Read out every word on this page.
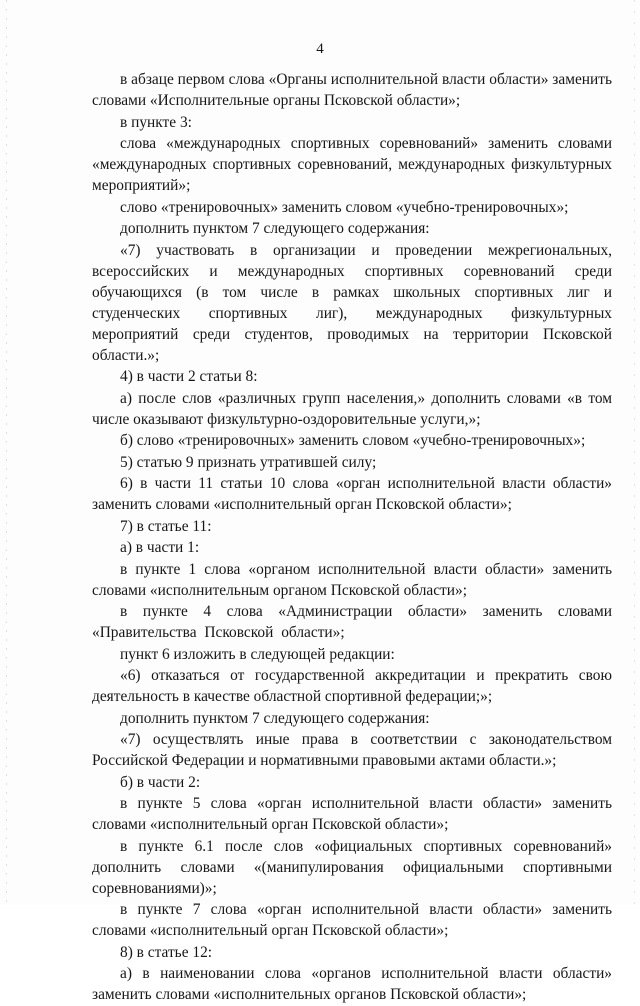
4

в абзаце первом слова «Органы исполнительной власти области» заменить словами «Исполнительные органы Псковской области»;

в пункте 3:

слова «международных спортивных соревнований» заменить словами «международных спортивных соревнований, международных физкультурных мероприятий»;

слово «тренировочных» заменить словом «учебно-тренировочных»;

дополнить пунктом 7 следующего содержания:

«7) участвовать в организации и проведении межрегиональных, всероссийских и международных спортивных соревнований среди обучающихся (в том числе в рамках школьных спортивных лиг и студенческих спортивных лиг), международных физкультурных мероприятий среди студентов, проводимых на территории Псковской области.»;

4) в части 2 статьи 8:

а) после слов «различных групп населения,» дополнить словами «в том числе оказывают физкультурно-оздоровительные услуги,»;

б) слово «тренировочных» заменить словом «учебно-тренировочных»;

5) статью 9 признать утратившей силу;

6) в части 11 статьи 10 слова «орган исполнительной власти области» заменить словами «исполнительный орган Псковской области»;

7) в статье 11:

а) в части 1:

в пункте 1 слова «органом исполнительной власти области» заменить словами «исполнительным органом Псковской области»;

в пункте 4 слова «Администрации области» заменить словами «Правительства Псковской области»;

пункт 6 изложить в следующей редакции:

«6) отказаться от государственной аккредитации и прекратить свою деятельность в качестве областной спортивной федерации;»;

дополнить пунктом 7 следующего содержания:

«7) осуществлять иные права в соответствии с законодательством Российской Федерации и нормативными правовыми актами области.»;

б) в части 2:

в пункте 5 слова «орган исполнительной власти области» заменить словами «исполнительный орган Псковской области»;

в пункте 6.1 после слов «официальных спортивных соревнований» дополнить словами «(манипулирования официальными спортивными соревнованиями)»;

в пункте 7 слова «орган исполнительной власти области» заменить словами «исполнительный орган Псковской области»;

8) в статье 12:

а) в наименовании слова «органов исполнительной власти области» заменить словами «исполнительных органов Псковской области»;
